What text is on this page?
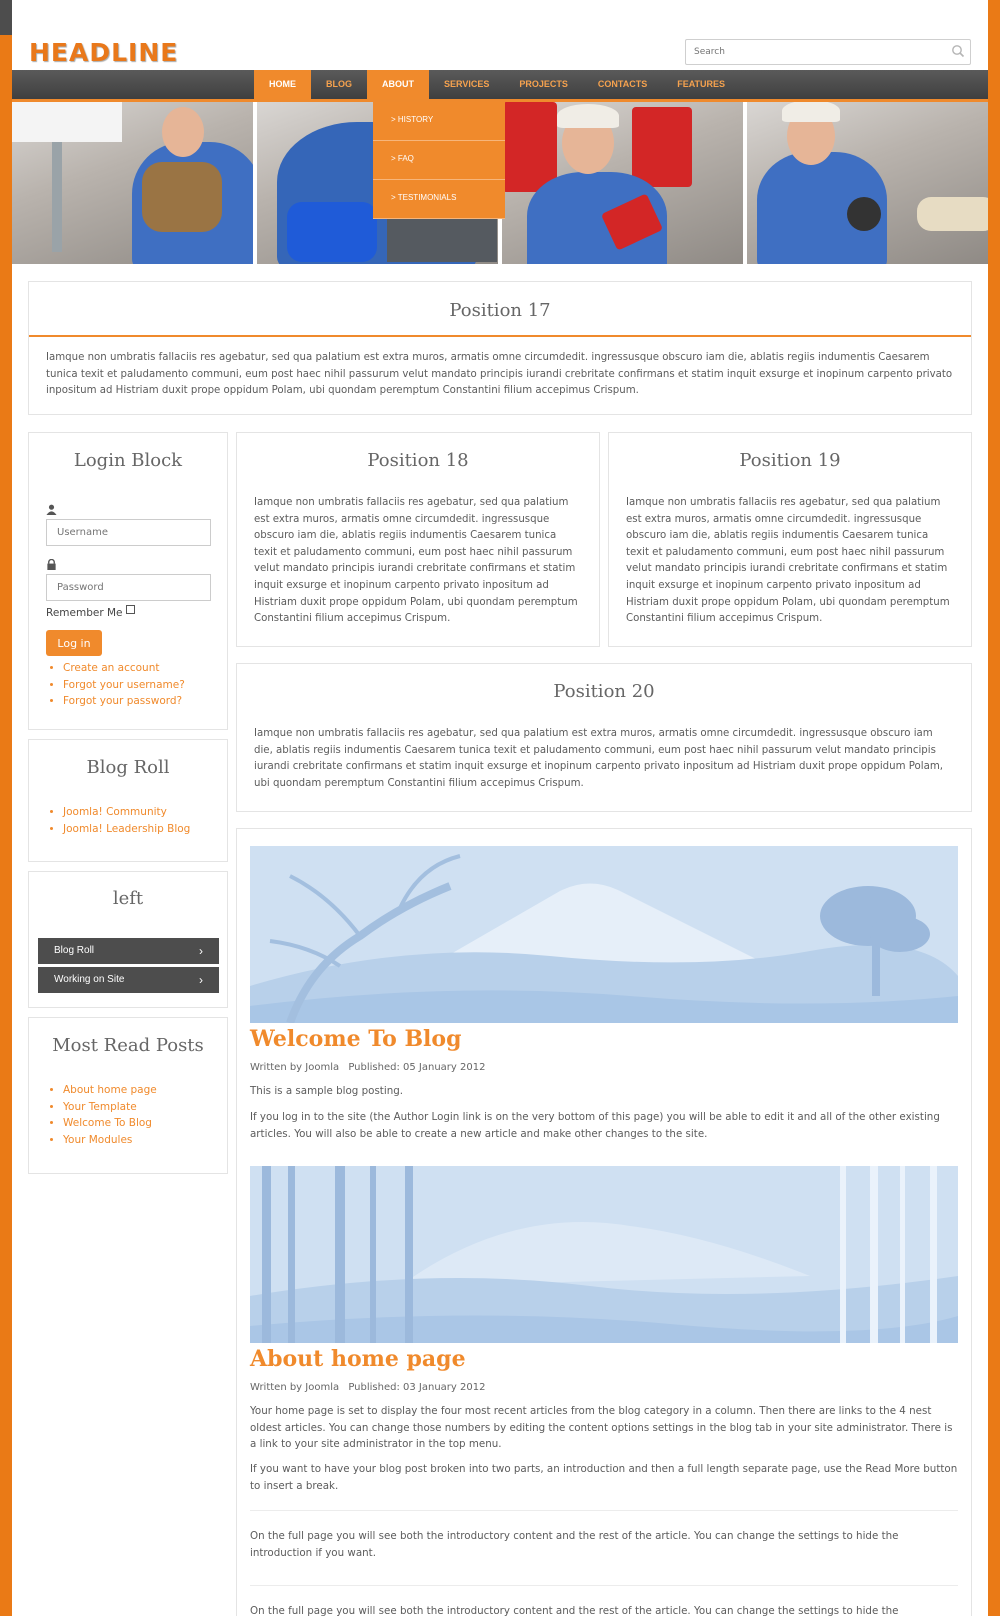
HEADLINE
Search
HOME	BLOG	ABOUT	SERVICES	PROJECTS	CONTACTS	FEATURES
> HISTORY
> FAQ
> TESTIMONIALS
Position 17

Iamque non umbratis fallaciis res agebatur, sed qua palatium est extra muros, armatis omne circumdedit. ingressusque obscuro iam die, ablatis regiis indumentis Caesarem tunica texit et paludamento communi, eum post haec nihil passurum velut mandato principis iurandi crebritate confirmans et statim inquit exsurge et inopinum carpento privato inpositum ad Histriam duxit prope oppidum Polam, ubi quondam peremptum Constantini filium accepimus Crispum.

Login Block
Username
Password
Remember Me
Log in
• Create an account
• Forgot your username?
• Forgot your password?
Position 18

Iamque non umbratis fallaciis res agebatur, sed qua palatium est extra muros, armatis omne circumdedit. ingressusque obscuro iam die, ablatis regiis indumentis Caesarem tunica texit et paludamento communi, eum post haec nihil passurum velut mandato principis iurandi crebritate confirmans et statim inquit exsurge et inopinum carpento privato inpositum ad Histriam duxit prope oppidum Polam, ubi quondam peremptum Constantini filium accepimus Crispum.

Position 19

Iamque non umbratis fallaciis res agebatur, sed qua palatium est extra muros, armatis omne circumdedit. ingressusque obscuro iam die, ablatis regiis indumentis Caesarem tunica texit et paludamento communi, eum post haec nihil passurum velut mandato principis iurandi crebritate confirmans et statim inquit exsurge et inopinum carpento privato inpositum ad Histriam duxit prope oppidum Polam, ubi quondam peremptum Constantini filium accepimus Crispum.

Position 20

Iamque non umbratis fallaciis res agebatur, sed qua palatium est extra muros, armatis omne circumdedit. ingressusque obscuro iam die, ablatis regiis indumentis Caesarem tunica texit et paludamento communi, eum post haec nihil passurum velut mandato principis iurandi crebritate confirmans et statim inquit exsurge et inopinum carpento privato inpositum ad Histriam duxit prope oppidum Polam, ubi quondam peremptum Constantini filium accepimus Crispum.

Blog Roll
• Joomla! Community
• Joomla! Leadership Blog
left
Blog Roll	›
Working on Site	›
Most Read Posts
• About home page
• Your Template
• Welcome To Blog
• Your Modules
Welcome To Blog
Written by Joomla Published: 05 January 2012

This is a sample blog posting.

If you log in to the site (the Author Login link is on the very bottom of this page) you will be able to edit it and all of the other existing articles. You will also be able to create a new article and make other changes to the site.

About home page
Written by Joomla Published: 03 January 2012

Your home page is set to display the four most recent articles from the blog category in a column. Then there are links to the 4 nest oldest articles. You can change those numbers by editing the content options settings in the blog tab in your site administrator. There is a link to your site administrator in the top menu.

If you want to have your blog post broken into two parts, an introduction and then a full length separate page, use the Read More button to insert a break.

On the full page you will see both the introductory content and the rest of the article. You can change the settings to hide the introduction if you want.

On the full page you will see both the introductory content and the rest of the article. You can change the settings to hide the
